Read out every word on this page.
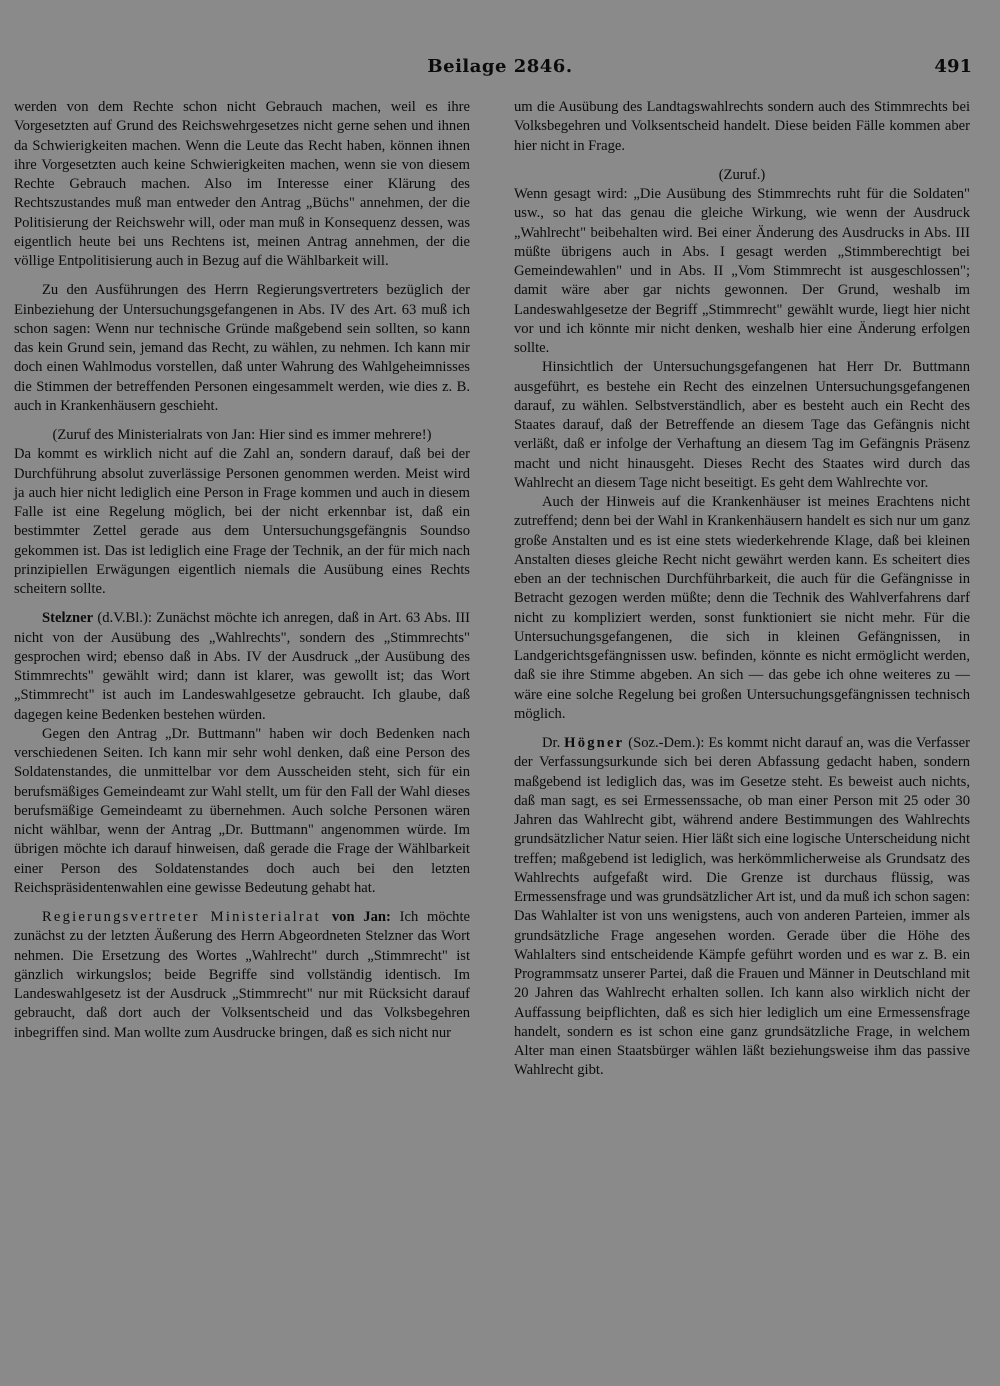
Beilage 2846.	491

werden von dem Rechte schon nicht Gebrauch machen, weil es ihre Vorgesetzten auf Grund des Reichswehrgesetzes nicht gerne sehen und ihnen da Schwierigkeiten machen. Wenn die Leute das Recht haben, können ihnen ihre Vorgesetzten auch keine Schwierigkeiten machen, wenn sie von diesem Rechte Gebrauch machen. Also im Interesse einer Klärung des Rechtszustandes muß man entweder den Antrag „Büchs" annehmen, der die Politisierung der Reichswehr will, oder man muß in Konsequenz dessen, was eigentlich heute bei uns Rechtens ist, meinen Antrag annehmen, der die völlige Entpolitisierung auch in Bezug auf die Wählbarkeit will.

Zu den Ausführungen des Herrn Regierungsvertreters bezüglich der Einbeziehung der Untersuchungsgefangenen in Abs. IV des Art. 63 muß ich schon sagen: Wenn nur technische Gründe maßgebend sein sollten, so kann das kein Grund sein, jemand das Recht, zu wählen, zu nehmen. Ich kann mir doch einen Wahlmodus vorstellen, daß unter Wahrung des Wahlgeheimnisses die Stimmen der betreffenden Personen eingesammelt werden, wie dies z. B. auch in Krankenhäusern geschieht.

(Zuruf des Ministerialrats von Jan: Hier sind es immer mehrere!)

Da kommt es wirklich nicht auf die Zahl an, sondern darauf, daß bei der Durchführung absolut zuverlässige Personen genommen werden. Meist wird ja auch hier nicht lediglich eine Person in Frage kommen und auch in diesem Falle ist eine Regelung möglich, bei der nicht erkennbar ist, daß ein bestimmter Zettel gerade aus dem Untersuchungsgefängnis Soundso gekommen ist. Das ist lediglich eine Frage der Technik, an der für mich nach prinzipiellen Erwägungen eigentlich niemals die Ausübung eines Rechts scheitern sollte.

Stelzner (d.V.Bl.): Zunächst möchte ich anregen, daß in Art. 63 Abs. III nicht von der Ausübung des „Wahlrechts", sondern des „Stimmrechts" gesprochen wird; ebenso daß in Abs. IV der Ausdruck „der Ausübung des Stimmrechts" gewählt wird; dann ist klarer, was gewollt ist; das Wort „Stimmrecht" ist auch im Landeswahlgesetze gebraucht. Ich glaube, daß dagegen keine Bedenken bestehen würden.

Gegen den Antrag „Dr. Buttmann" haben wir doch Bedenken nach verschiedenen Seiten. Ich kann mir sehr wohl denken, daß eine Person des Soldatenstandes, die unmittelbar vor dem Ausscheiden steht, sich für ein berufsmäßiges Gemeindeamt zur Wahl stellt, um für den Fall der Wahl dieses berufsmäßige Gemeindeamt zu übernehmen. Auch solche Personen wären nicht wählbar, wenn der Antrag „Dr. Buttmann" angenommen würde. Im übrigen möchte ich darauf hinweisen, daß gerade die Frage der Wählbarkeit einer Person des Soldatenstandes doch auch bei den letzten Reichspräsidentenwahlen eine gewisse Bedeutung gehabt hat.

Regierungsvertreter Ministerialrat von Jan: Ich möchte zunächst zu der letzten Äußerung des Herrn Abgeordneten Stelzner das Wort nehmen. Die Ersetzung des Wortes „Wahlrecht" durch „Stimmrecht" ist gänzlich wirkungslos; beide Begriffe sind vollständig identisch. Im Landeswahlgesetz ist der Ausdruck „Stimmrecht" nur mit Rücksicht darauf gebraucht, daß dort auch der Volksentscheid und das Volksbegehren inbegriffen sind. Man wollte zum Ausdrucke bringen, daß es sich nicht nur

um die Ausübung des Landtagswahlrechts sondern auch des Stimmrechts bei Volksbegehren und Volksentscheid handelt. Diese beiden Fälle kommen aber hier nicht in Frage.

(Zuruf.)

Wenn gesagt wird: „Die Ausübung des Stimmrechts ruht für die Soldaten" usw., so hat das genau die gleiche Wirkung, wie wenn der Ausdruck „Wahlrecht" beibehalten wird. Bei einer Änderung des Ausdrucks in Abs. III müßte übrigens auch in Abs. I gesagt werden „Stimmberechtigt bei Gemeindewahlen" und in Abs. II „Vom Stimmrecht ist ausgeschlossen"; damit wäre aber gar nichts gewonnen. Der Grund, weshalb im Landeswahlgesetze der Begriff „Stimmrecht" gewählt wurde, liegt hier nicht vor und ich könnte mir nicht denken, weshalb hier eine Änderung erfolgen sollte.

Hinsichtlich der Untersuchungsgefangenen hat Herr Dr. Buttmann ausgeführt, es bestehe ein Recht des einzelnen Untersuchungsgefangenen darauf, zu wählen. Selbstverständlich, aber es besteht auch ein Recht des Staates darauf, daß der Betreffende an diesem Tage das Gefängnis nicht verläßt, daß er infolge der Verhaftung an diesem Tag im Gefängnis Präsenz macht und nicht hinausgeht. Dieses Recht des Staates wird durch das Wahlrecht an diesem Tage nicht beseitigt. Es geht dem Wahlrechte vor.

Auch der Hinweis auf die Krankenhäuser ist meines Erachtens nicht zutreffend; denn bei der Wahl in Krankenhäusern handelt es sich nur um ganz große Anstalten und es ist eine stets wiederkehrende Klage, daß bei kleinen Anstalten dieses gleiche Recht nicht gewährt werden kann. Es scheitert dies eben an der technischen Durchführbarkeit, die auch für die Gefängnisse in Betracht gezogen werden müßte; denn die Technik des Wahlverfahrens darf nicht zu kompliziert werden, sonst funktioniert sie nicht mehr. Für die Untersuchungsgefangenen, die sich in kleinen Gefängnissen, in Landgerichtsgefängnissen usw. befinden, könnte es nicht ermöglicht werden, daß sie ihre Stimme abgeben. An sich — das gebe ich ohne weiteres zu — wäre eine solche Regelung bei großen Untersuchungsgefängnissen technisch möglich.

Dr. Högner (Soz.-Dem.): Es kommt nicht darauf an, was die Verfasser der Verfassungsurkunde sich bei deren Abfassung gedacht haben, sondern maßgebend ist lediglich das, was im Gesetze steht. Es beweist auch nichts, daß man sagt, es sei Ermessenssache, ob man einer Person mit 25 oder 30 Jahren das Wahlrecht gibt, während andere Bestimmungen des Wahlrechts grundsätzlicher Natur seien. Hier läßt sich eine logische Unterscheidung nicht treffen; maßgebend ist lediglich, was herkömmlicherweise als Grundsatz des Wahlrechts aufgefaßt wird. Die Grenze ist durchaus flüssig, was Ermessensfrage und was grundsätzlicher Art ist, und da muß ich schon sagen: Das Wahlalter ist von uns wenigstens, auch von anderen Parteien, immer als grundsätzliche Frage angesehen worden. Gerade über die Höhe des Wahlalters sind entscheidende Kämpfe geführt worden und es war z. B. ein Programmsatz unserer Partei, daß die Frauen und Männer in Deutschland mit 20 Jahren das Wahlrecht erhalten sollen. Ich kann also wirklich nicht der Auffassung beipflichten, daß es sich hier lediglich um eine Ermessensfrage handelt, sondern es ist schon eine ganz grundsätzliche Frage, in welchem Alter man einen Staatsbürger wählen läßt beziehungsweise ihm das passive Wahlrecht gibt.
